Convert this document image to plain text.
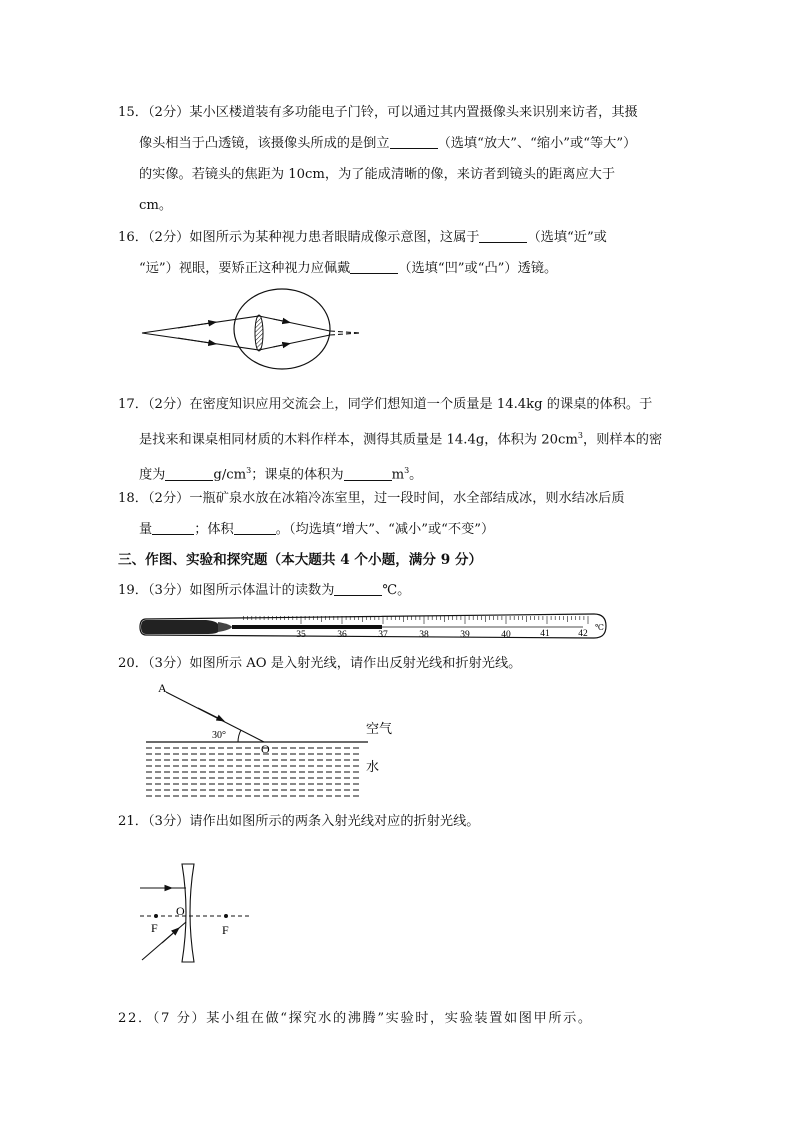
15．（2分）某小区楼道装有多功能电子门铃，可以通过其内置摄像头来识别来访者，其摄
像头相当于凸透镜，该摄像头所成的是倒立	（选填“放大”、“缩小”或“等大”）
的实像。若镜头的焦距为 10cm，为了能成清晰的像，来访者到镜头的距离应大于
cm。
16．（2分）如图所示为某种视力患者眼睛成像示意图，这属于	（选填“近”或
“远”）视眼，要矫正这种视力应佩戴	（选填“凹”或“凸”）透镜。
17．（2分）在密度知识应用交流会上，同学们想知道一个质量是 14.4kg 的课桌的体积。于
是找来和课桌相同材质的木料作样本，测得其质量是 14.4g，体积为 $20cm^3$，则样本的密
度为	$g/cm^3$；课桌的体积为	$m^3$。
18．（2分）一瓶矿泉水放在冰箱冷冻室里，过一段时间，水全部结成冰，则水结冰后质
量	；体积	。（均选填“增大”、“减小”或“不变”）
三、作图、实验和探究题（本大题共 4 个小题，满分 9 分）
19．（3分）如图所示体温计的读数为	℃。
35	36	37	38	39	40	41	42
℃
20．（3分）如图所示 AO 是入射光线，请作出反射光线和折射光线。
A
30°
O
空气
水
21．（3分）请作出如图所示的两条入射光线对应的折射光线。
O
F	F
22．（7 分）某小组在做“探究水的沸腾”实验时，实验装置如图甲所示。
